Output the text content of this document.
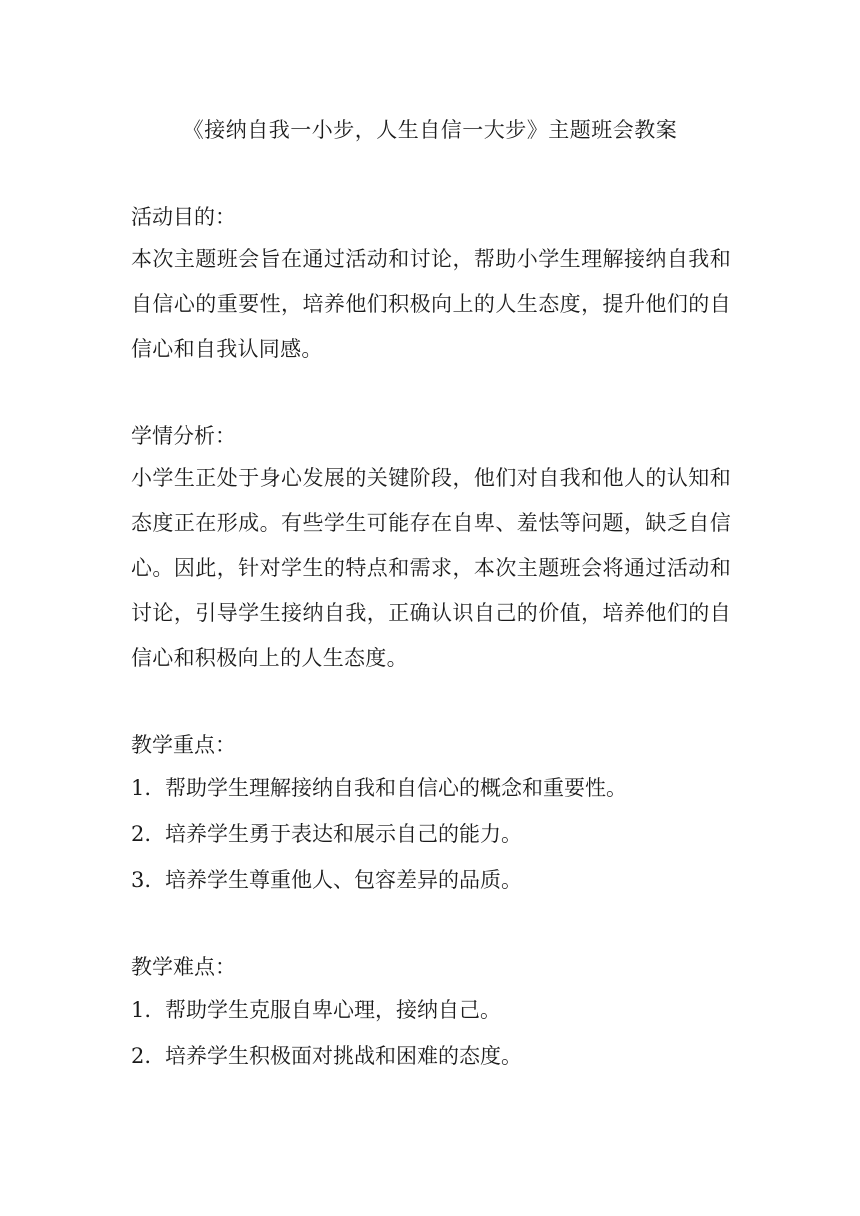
《接纳自我一小步，人生自信一大步》主题班会教案

活动目的：

本次主题班会旨在通过活动和讨论，帮助小学生理解接纳自我和自信心的重要性，培养他们积极向上的人生态度，提升他们的自信心和自我认同感。

学情分析：

小学生正处于身心发展的关键阶段，他们对自我和他人的认知和态度正在形成。有些学生可能存在自卑、羞怯等问题，缺乏自信心。因此，针对学生的特点和需求，本次主题班会将通过活动和讨论，引导学生接纳自我，正确认识自己的价值，培养他们的自信心和积极向上的人生态度。

教学重点：

1. 帮助学生理解接纳自我和自信心的概念和重要性。
2. 培养学生勇于表达和展示自己的能力。
3. 培养学生尊重他人、包容差异的品质。

教学难点：

1. 帮助学生克服自卑心理，接纳自己。
2. 培养学生积极面对挑战和困难的态度。
